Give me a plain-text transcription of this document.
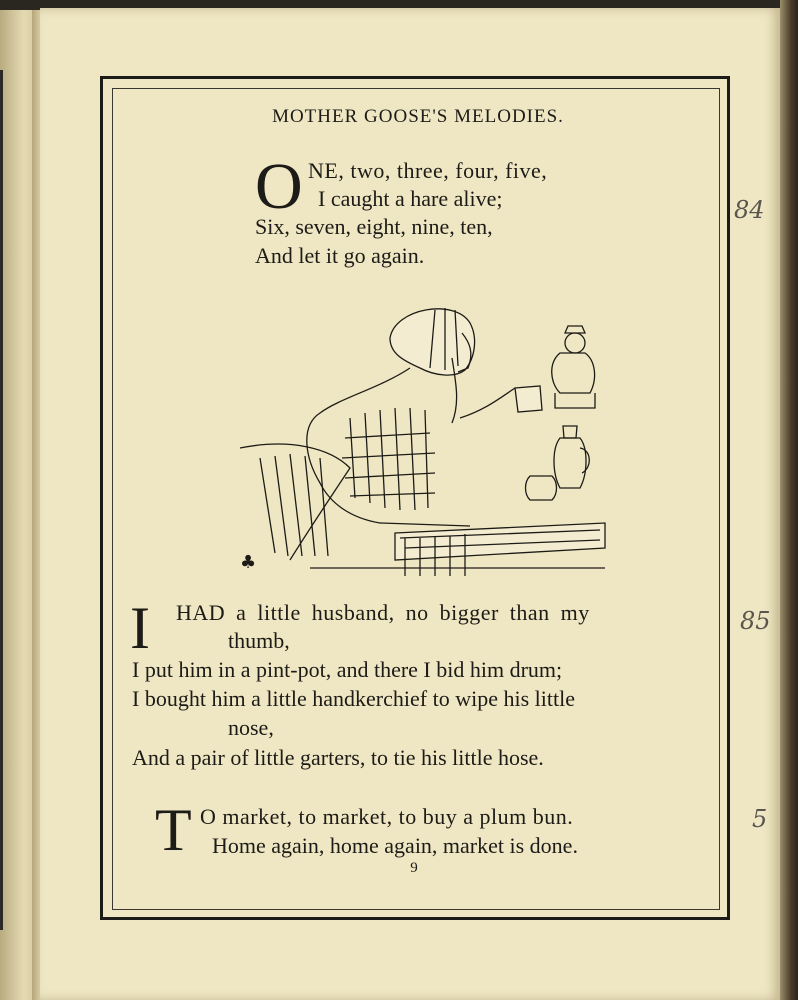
MOTHER GOOSE'S MELODIES.
O NE, two, three, four, five,
I caught a hare alive;
Six, seven, eight, nine, ten,
And let it go again.
♣
I HAD a little husband, no bigger than my
thumb,
I put him in a pint-pot, and there I bid him drum;
I bought him a little handkerchief to wipe his little
nose,
And a pair of little garters, to tie his little hose.
T O market, to market, to buy a plum bun.
Home again, home again, market is done.
9
84
85
5
